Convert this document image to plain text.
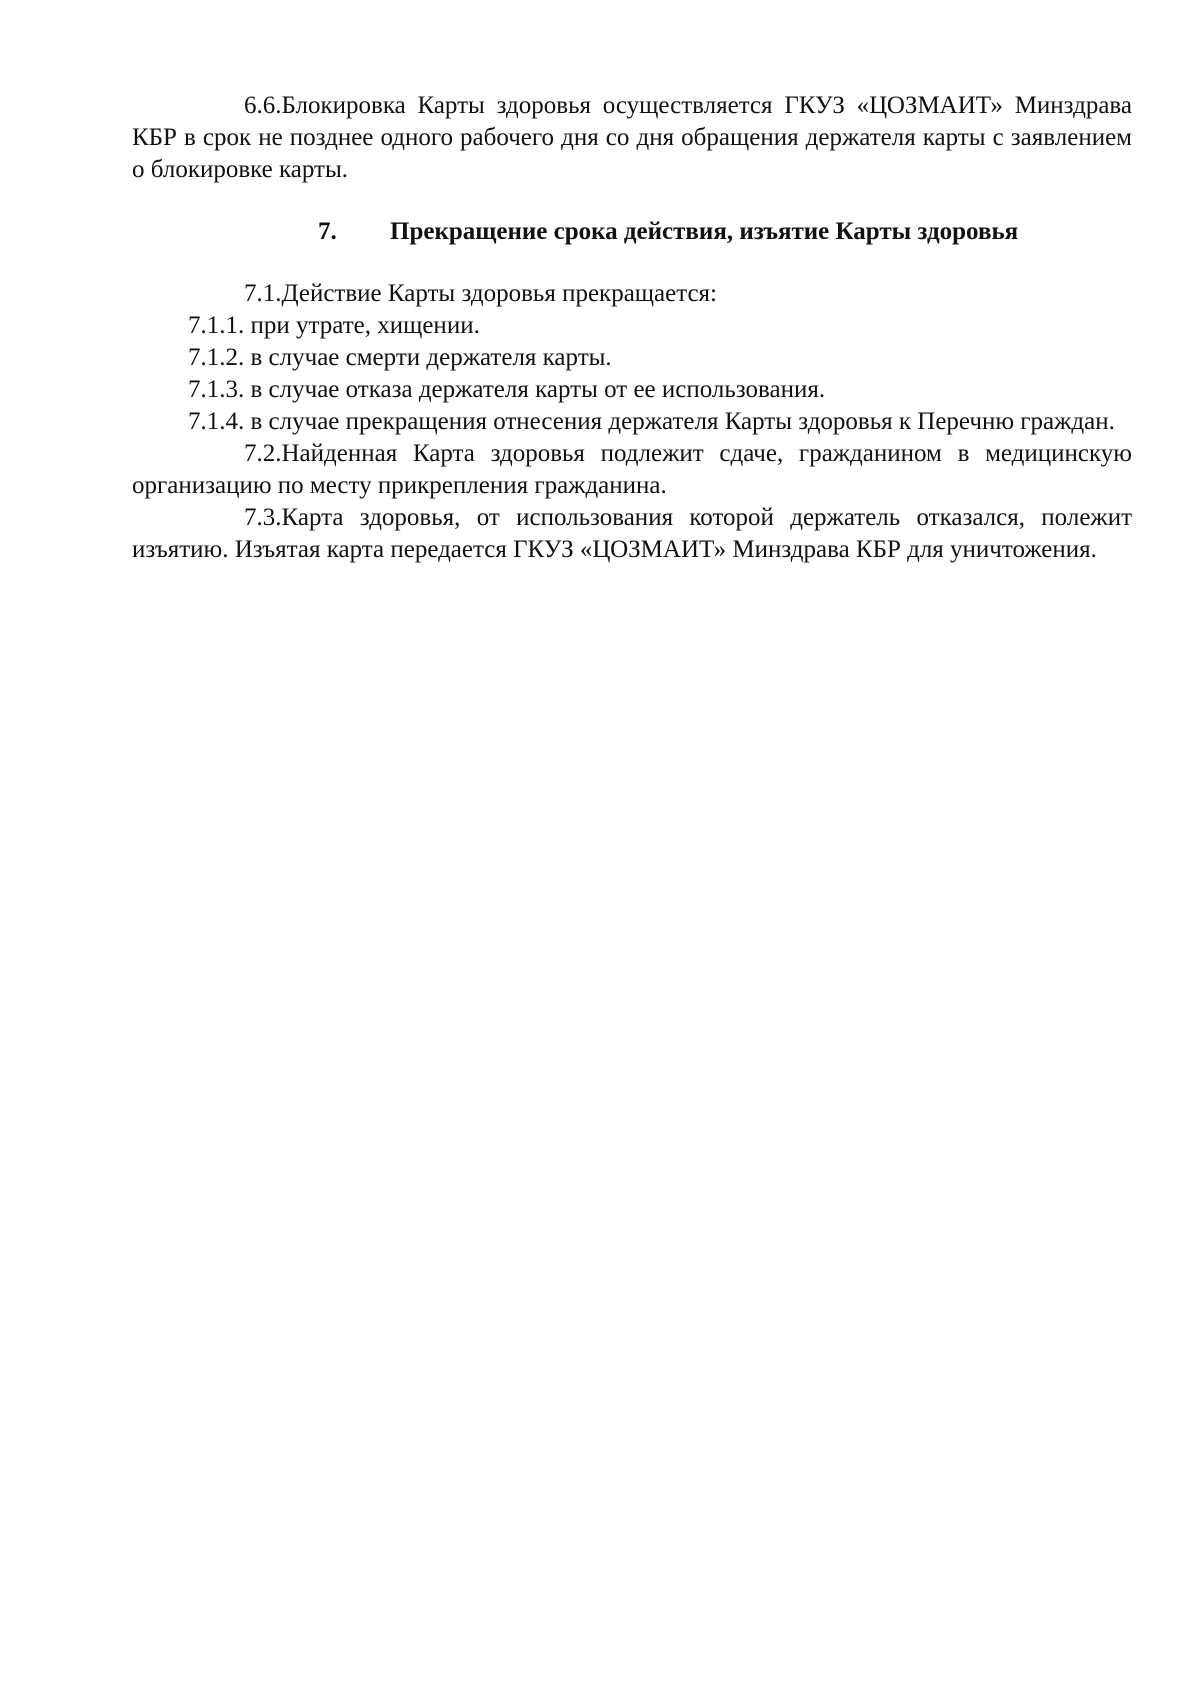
6.6.Блокировка Карты здоровья осуществляется ГКУЗ «ЦОЗМАИТ» Минздрава КБР в срок не позднее одного рабочего дня со дня обращения держателя карты с заявлением о блокировке карты.

7. Прекращение срока действия, изъятие Карты здоровья

7.1.Действие Карты здоровья прекращается:

7.1.1. при утрате, хищении.

7.1.2. в случае смерти держателя карты.

7.1.3. в случае отказа держателя карты от ее использования.

7.1.4. в случае прекращения отнесения держателя Карты здоровья к Перечню граждан.

7.2.Найденная Карта здоровья подлежит сдаче, гражданином в медицинскую организацию по месту прикрепления гражданина.

7.3.Карта здоровья, от использования которой держатель отказался, полежит изъятию. Изъятая карта передается ГКУЗ «ЦОЗМАИТ» Минздрава КБР для уничтожения.
